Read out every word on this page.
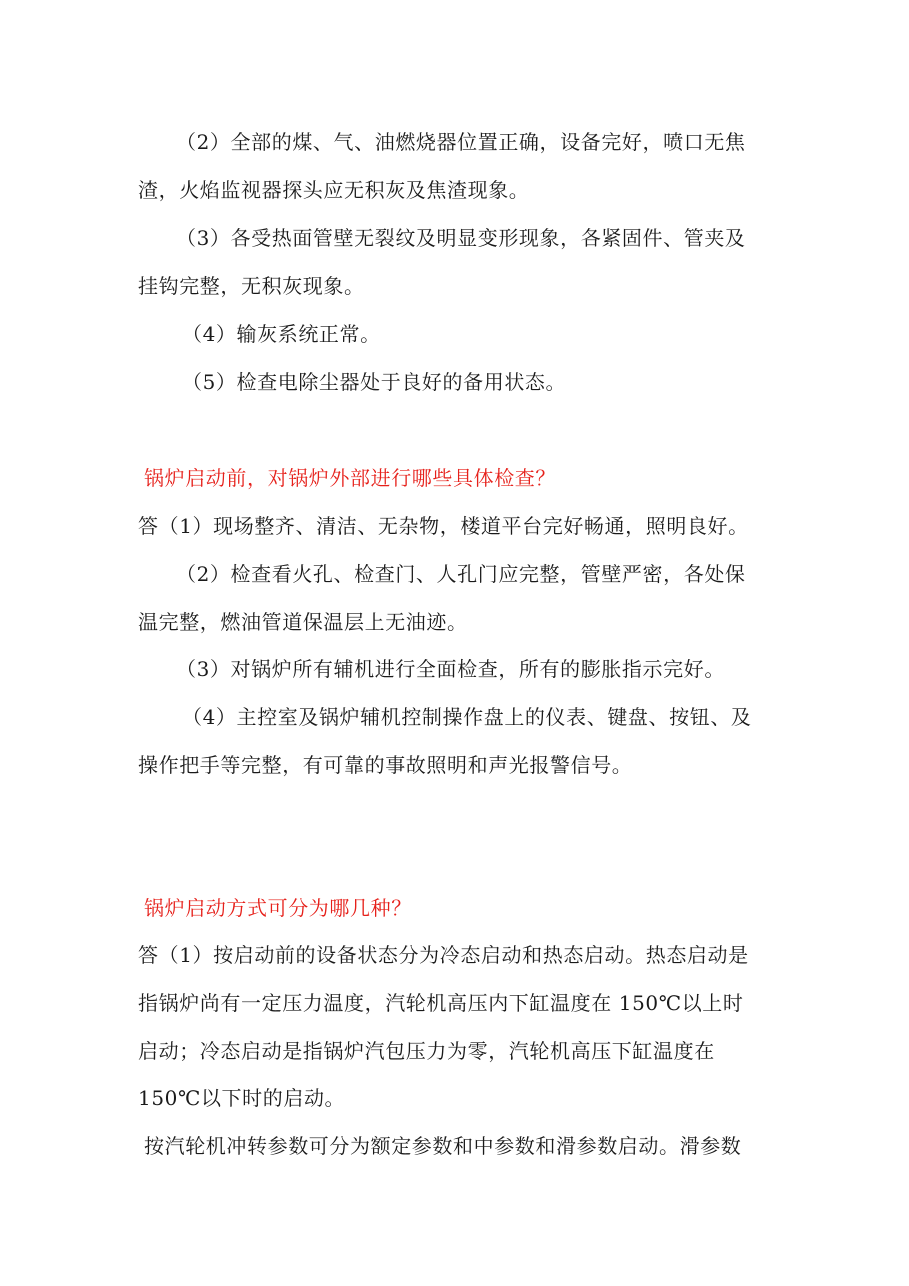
（2）全部的煤、气、油燃烧器位置正确，设备完好，喷口无焦
渣，火焰监视器探头应无积灰及焦渣现象。
（3）各受热面管壁无裂纹及明显变形现象，各紧固件、管夹及
挂钩完整，无积灰现象。
（4）输灰系统正常。
（5）检查电除尘器处于良好的备用状态。
锅炉启动前，对锅炉外部进行哪些具体检查？
答（1）现场整齐、清洁、无杂物，楼道平台完好畅通，照明良好。
（2）检查看火孔、检查门、人孔门应完整，管壁严密，各处保
温完整，燃油管道保温层上无油迹。
（3）对锅炉所有辅机进行全面检查，所有的膨胀指示完好。
（4）主控室及锅炉辅机控制操作盘上的仪表、键盘、按钮、及
操作把手等完整，有可靠的事故照明和声光报警信号。
锅炉启动方式可分为哪几种？
答（1）按启动前的设备状态分为冷态启动和热态启动。热态启动是
指锅炉尚有一定压力温度，汽轮机高压内下缸温度在 150℃以上时
启动；冷态启动是指锅炉汽包压力为零，汽轮机高压下缸温度在
150℃以下时的启动。
按汽轮机冲转参数可分为额定参数和中参数和滑参数启动。滑参数
